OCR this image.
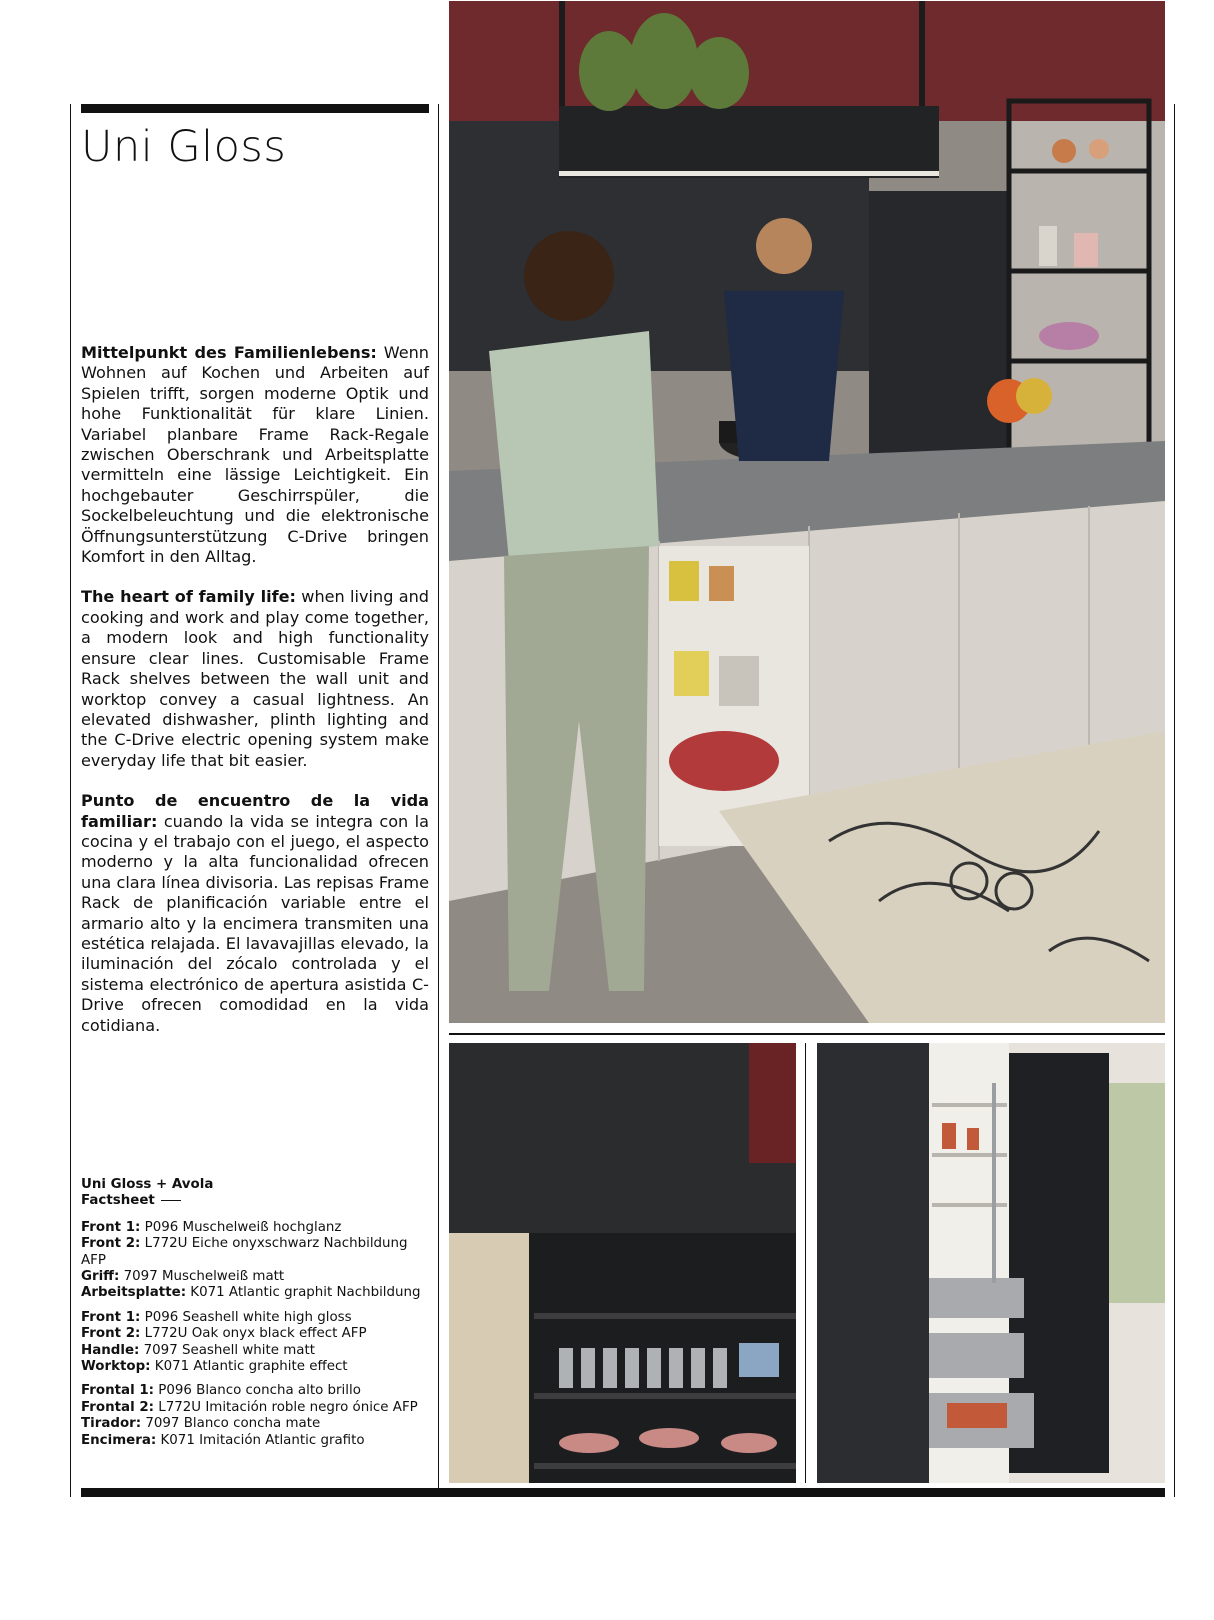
Uni Gloss

Mittelpunkt des Familienlebens: Wenn Wohnen auf Kochen und Arbeiten auf Spielen trifft, sorgen moderne Optik und hohe Funktionalität für klare Linien. Variabel planbare Frame Rack-Regale zwischen Oberschrank und Arbeitsplatte vermitteln eine lässige Leichtigkeit. Ein hochgebauter Geschirrspüler, die Sockelbeleuchtung und die elektronische Öffnungsunterstützung C-Drive bringen Komfort in den Alltag.

The heart of family life: when living and cooking and work and play come together, a modern look and high functionality ensure clear lines. Customisable Frame Rack shelves between the wall unit and worktop convey a casual lightness. An elevated dishwasher, plinth lighting and the C-Drive electric opening system make everyday life that bit easier.

Punto de encuentro de la vida familiar: cuando la vida se integra con la cocina y el trabajo con el juego, el aspecto moderno y la alta funcionalidad ofrecen una clara línea divisoria. Las repisas Frame Rack de planificación variable entre el armario alto y la encimera transmiten una estética relajada. El lavavajillas elevado, la iluminación del zócalo controlada y el sistema electrónico de apertura asistida C-Drive ofrecen comodidad en la vida cotidiana.

Uni Gloss + Avola
Factsheet
Front 1: P096 Muschelweiß hochglanz
Front 2: L772U Eiche onyxschwarz Nachbildung AFP
Griff: 7097 Muschelweiß matt
Arbeitsplatte: K071 Atlantic graphit Nachbildung
Front 1: P096 Seashell white high gloss
Front 2: L772U Oak onyx black effect AFP
Handle: 7097 Seashell white matt
Worktop: K071 Atlantic graphite effect
Frontal 1: P096 Blanco concha alto brillo
Frontal 2: L772U Imitación roble negro ónice AFP
Tirador: 7097 Blanco concha mate
Encimera: K071 Imitación Atlantic grafito
